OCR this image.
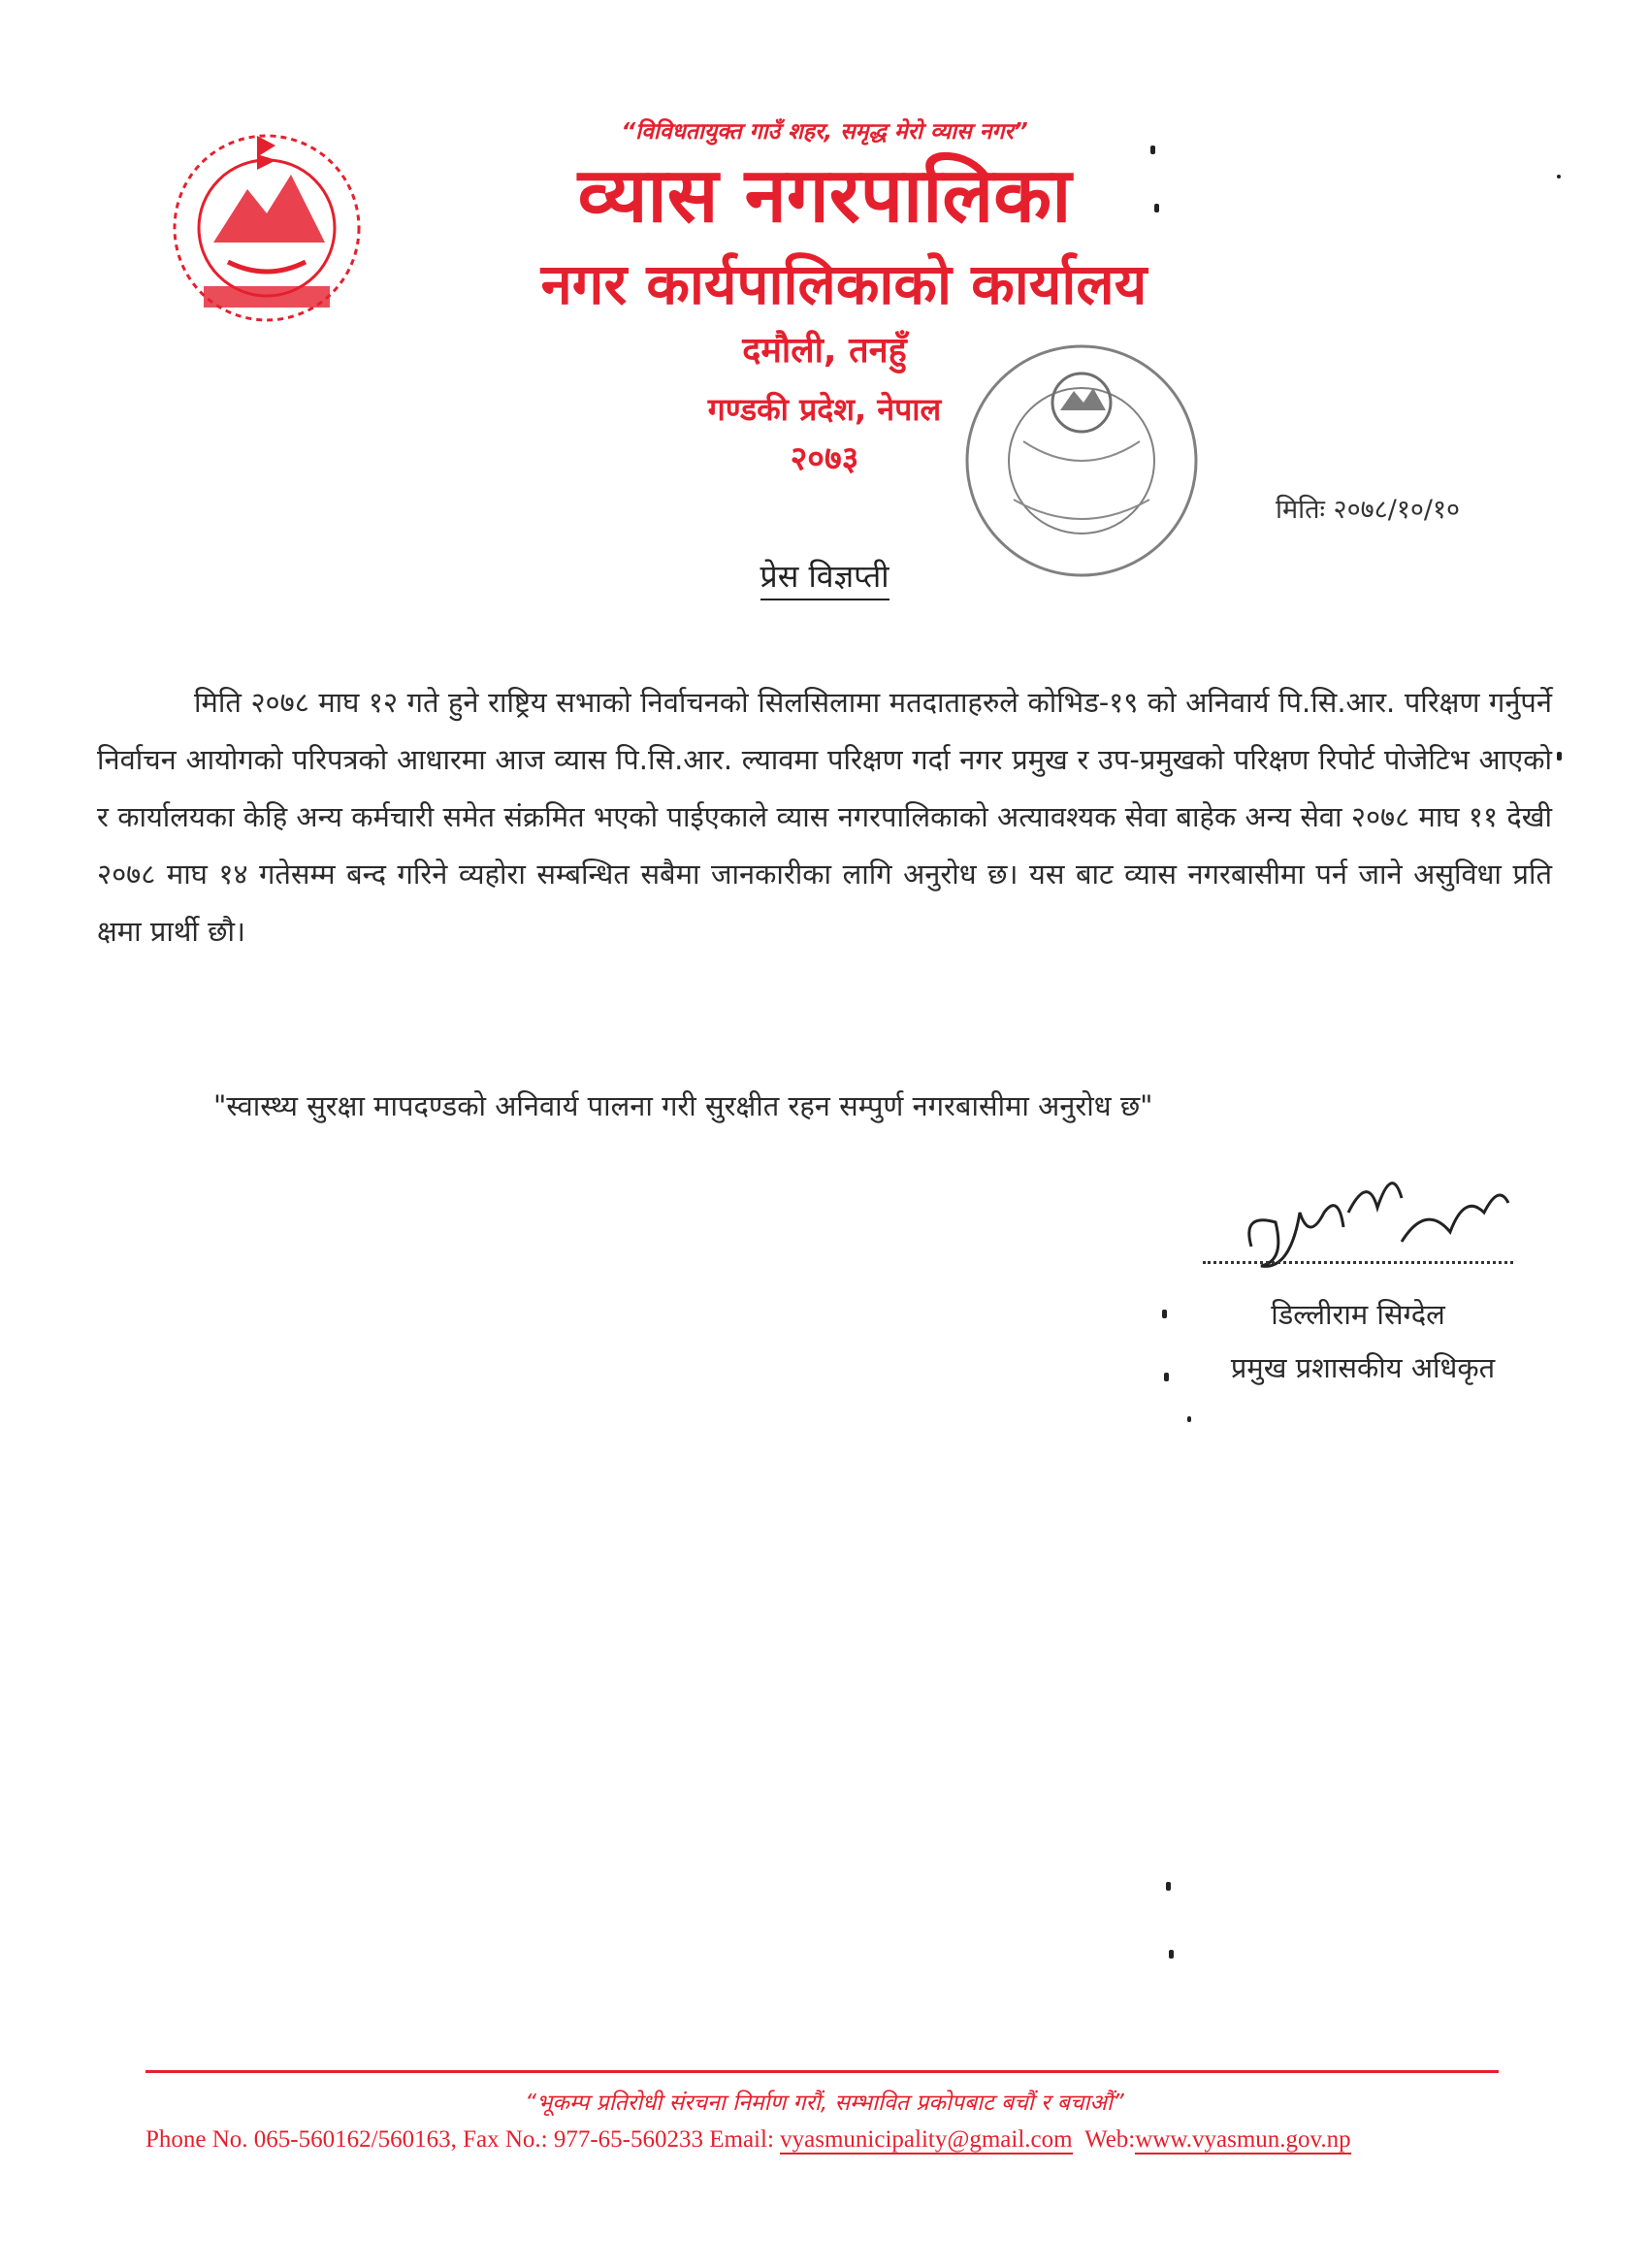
“विविधतायुक्त गाउँ शहर, समृद्ध मेरो व्यास नगर”
व्यास नगरपालिका
नगर कार्यपालिकाको कार्यालय
दमौली, तनहुँ
गण्डकी प्रदेश, नेपाल
२०७३
मितिः २०७८/१०/१०
प्रेस विज्ञप्ती
मिति २०७८ माघ १२ गते हुने राष्ट्रिय सभाको निर्वाचनको सिलसिलामा मतदाताहरुले कोभिड-१९ को अनिवार्य पि.सि.आर. परिक्षण गर्नुपर्ने निर्वाचन आयोगको परिपत्रको आधारमा आज व्यास पि.सि.आर. ल्यावमा परिक्षण गर्दा नगर प्रमुख र उप-प्रमुखको परिक्षण रिपोर्ट पोजेटिभ आएको र कार्यालयका केहि अन्य कर्मचारी समेत संक्रमित भएको पाईएकाले व्यास नगरपालिकाको अत्यावश्यक सेवा बाहेक अन्य सेवा २०७८ माघ ११ देखी २०७८ माघ १४ गतेसम्म बन्द गरिने व्यहोरा सम्बन्धित सबैमा जानकारीका लागि अनुरोध छ। यस बाट व्यास नगरबासीमा पर्न जाने असुविधा प्रति क्षमा प्रार्थी छौ।
"स्वास्थ्य सुरक्षा मापदण्डको अनिवार्य पालना गरी सुरक्षीत रहन सम्पुर्ण नगरबासीमा अनुरोध छ"
डिल्लीराम सिग्देल
प्रमुख प्रशासकीय अधिकृत
“भूकम्प प्रतिरोधी संरचना निर्माण गरौं, सम्भावित प्रकोपबाट बचौं र बचाऔं”
Phone No. 065-560162/560163, Fax No.: 977-65-560233 Email: vyasmunicipality@gmail.com Web:www.vyasmun.gov.np
